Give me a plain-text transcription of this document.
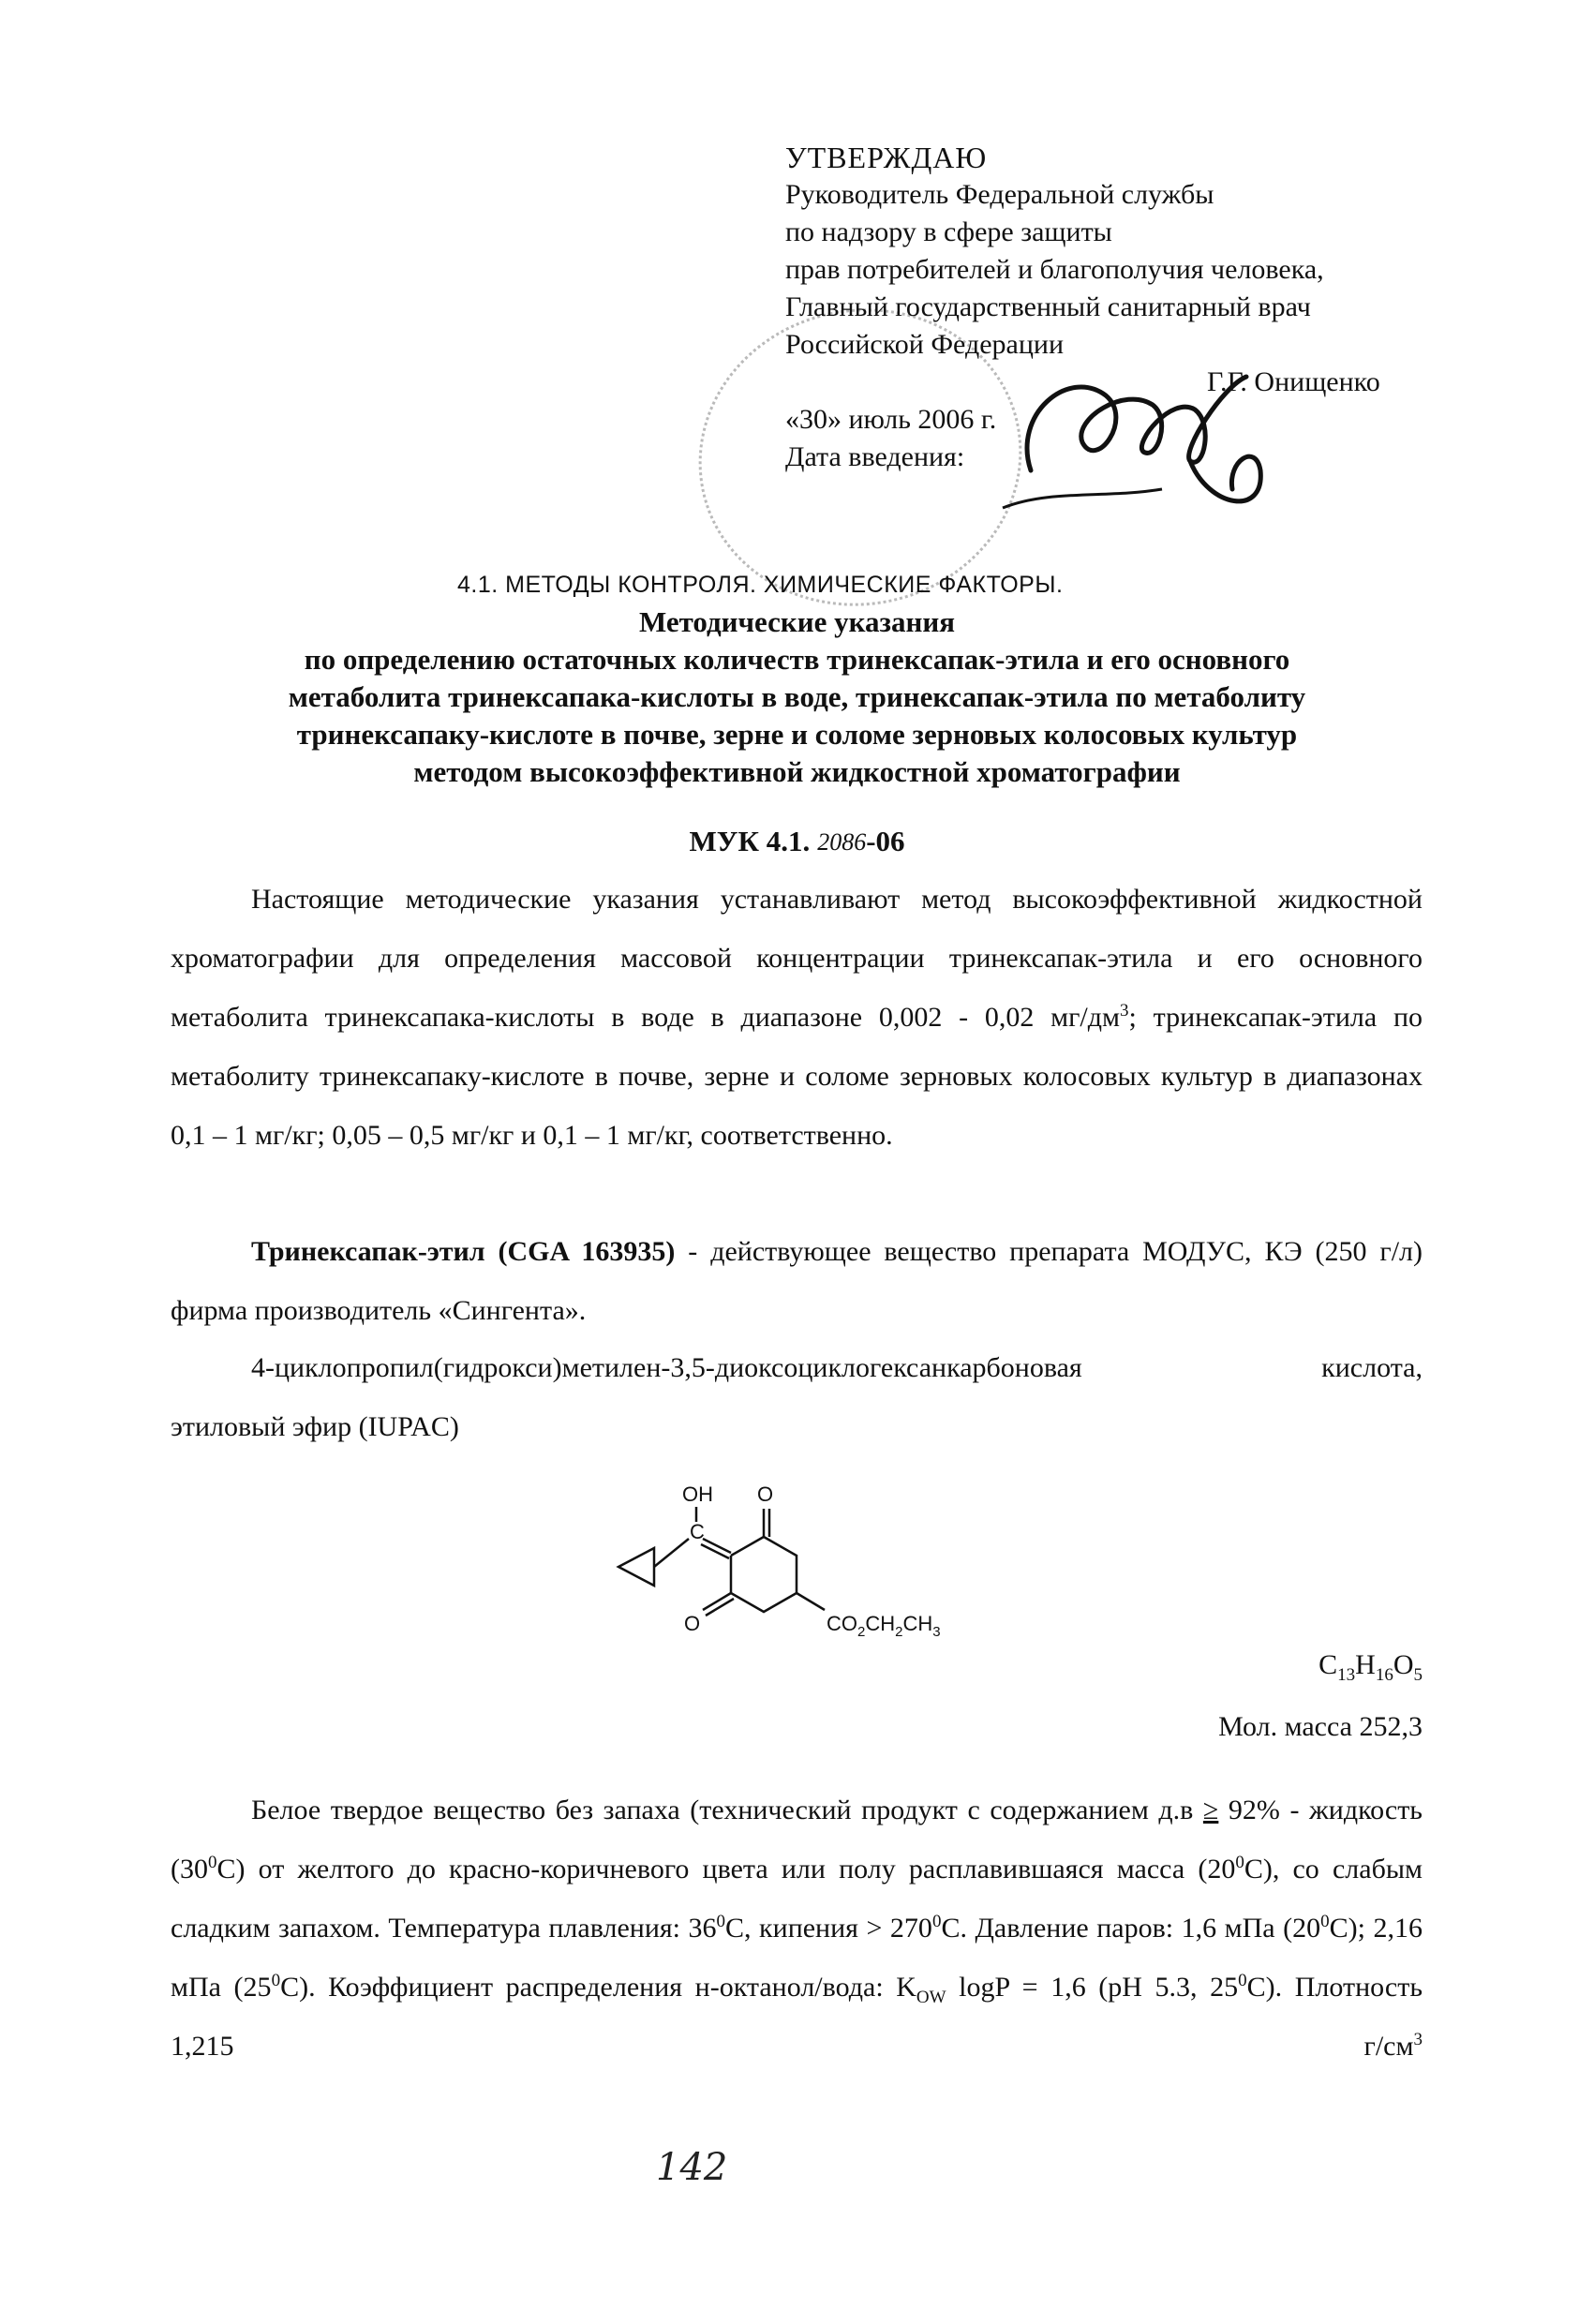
УТВЕРЖДАЮ
Руководитель Федеральной службы
по надзору в сфере защиты
прав потребителей и благополучия человека,
Главный государственный санитарный врач
Российской Федерации
Г.Г. Онищенко
«30» июль 2006 г.
Дата введения:
4.1. МЕТОДЫ КОНТРОЛЯ. ХИМИЧЕСКИЕ ФАКТОРЫ.
Методические указания
по определению остаточных количеств тринексапак-этила и его основного
метаболита тринексапака-кислоты в воде, тринексапак-этила по метаболиту
тринексапаку-кислоте в почве, зерне и соломе зерновых колосовых культур
методом высокоэффективной жидкостной хроматографии
МУК 4.1. 2086 -06

Настоящие методические указания устанавливают метод высокоэффективной жидкостной хроматографии для определения массовой концентрации тринексапак-этила и его основного метаболита тринексапака-кислоты в воде в диапазоне 0,002 - 0,02 $мг/дм^3$; тринексапак-этила по метаболиту тринексапаку-кислоте в почве, зерне и соломе зерновых колосовых культур в диапазонах 0,1 – 1 мг/кг; 0,05 – 0,5 мг/кг и 0,1 – 1 мг/кг, соответственно.

Тринексапак-этил (CGA 163935) - действующее вещество препарата МОДУС, КЭ (250 г/л) фирма производитель «Сингента».

4-циклопропил(гидрокси)метилен-3,5-диоксоциклогексанкарбоновая кислота,

этиловый эфир (IUPAC)
OH
C
O
O	$CO_2CH_2CH_3$
$C_{13}H_{16}O_5$
Мол. масса 252,3

Белое твердое вещество без запаха (технический продукт с содержанием д.в ≥ 92% - жидкость $(30^0С)$ от желтого до красно-коричневого цвета или полу расплавившаяся масса $(20^0С)$, со слабым сладким запахом. Температура плавления: $36^0С$, кипения > $270^0С$. Давление паров: 1,6 мПа $(20^0С)$; 2,16 мПа $(25^0С)$. Коэффициент распределения н-октанол/вода: $K_{OW}$ logP = 1,6 (рН 5.3, $25^0С$). Плотность 1,215 $г/см^3$

142
